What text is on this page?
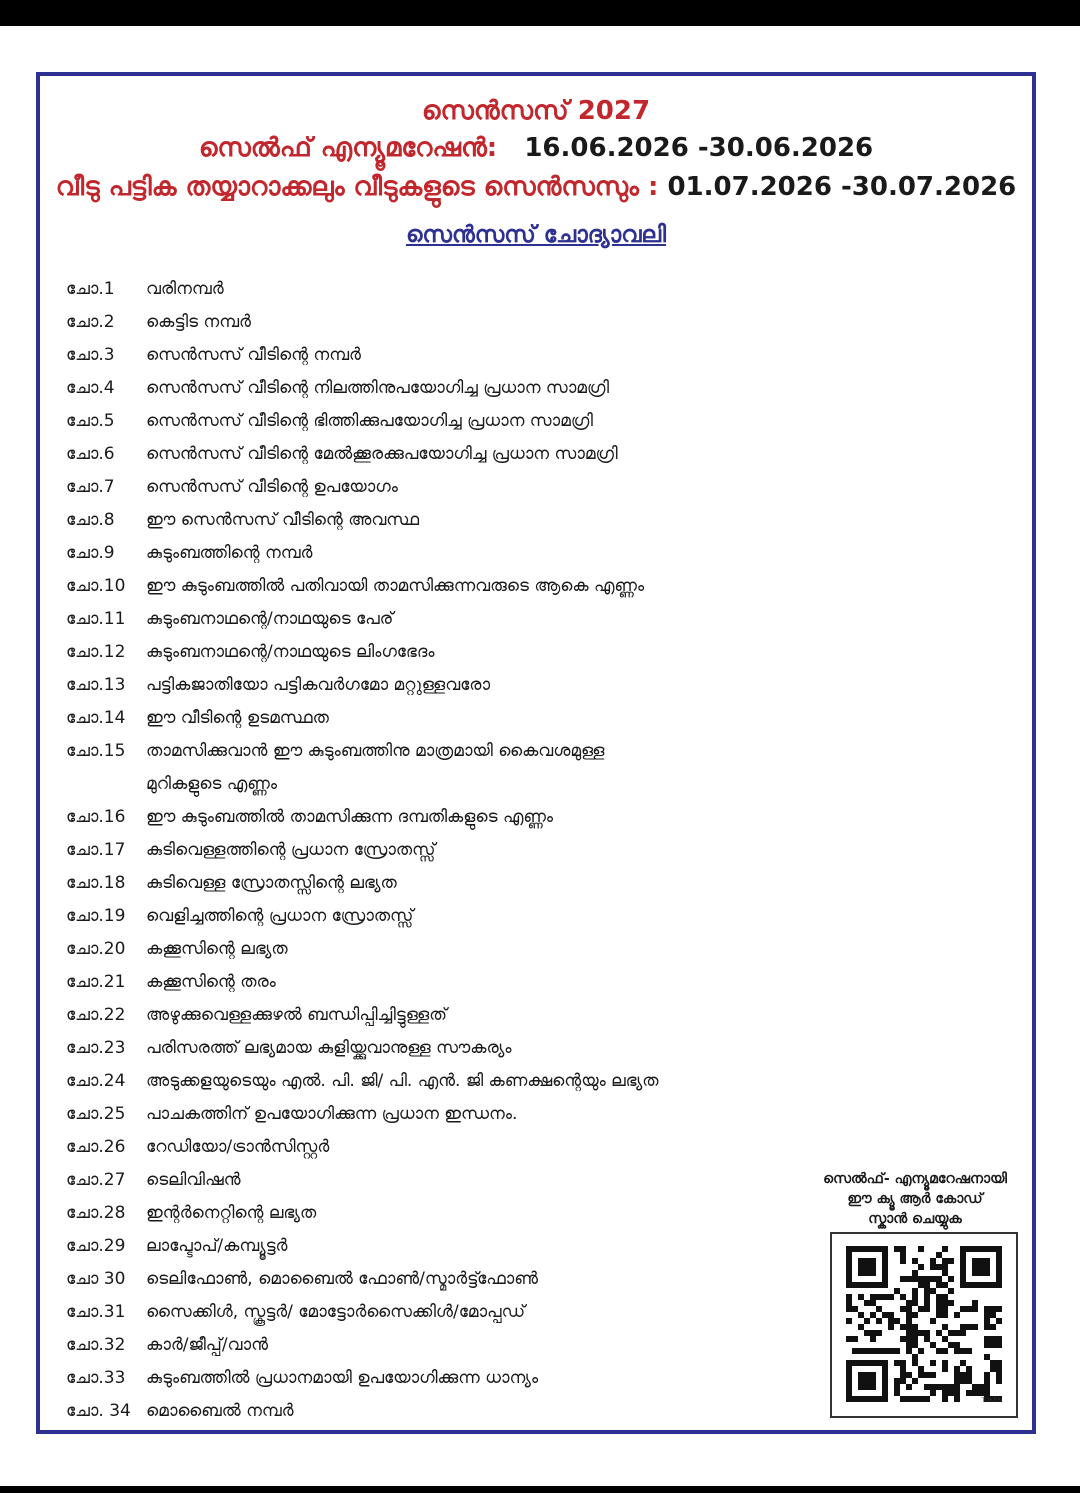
സെൻസസ് 2027
സെൽഫ് എന്യൂമറേഷൻ: 16.06.2026 -30.06.2026
വീടു പട്ടിക തയ്യാറാക്കലും വീടുകളുടെ സെൻസസും : 01.07.2026 -30.07.2026
സെൻസസ് ചോദ്യാവലി
ചോ.1	വരിനമ്പർ
ചോ.2	കെട്ടിട നമ്പർ
ചോ.3	സെൻസസ് വീടിന്റെ നമ്പർ
ചോ.4	സെൻസസ് വീടിന്റെ നിലത്തിനുപയോഗിച്ച പ്രധാന സാമഗ്രി
ചോ.5	സെൻസസ് വീടിന്റെ ഭിത്തിക്കുപയോഗിച്ച പ്രധാന സാമഗ്രി
ചോ.6	സെൻസസ് വീടിന്റെ മേൽക്കൂരക്കുപയോഗിച്ച പ്രധാന സാമഗ്രി
ചോ.7	സെൻസസ് വീടിന്റെ ഉപയോഗം
ചോ.8	ഈ സെൻസസ് വീടിന്റെ അവസ്ഥ
ചോ.9	കുടുംബത്തിന്റെ നമ്പർ
ചോ.10	ഈ കുടുംബത്തിൽ പതിവായി താമസിക്കുന്നവരുടെ ആകെ എണ്ണം
ചോ.11	കുടുംബനാഥന്റെ/നാഥയുടെ പേര്
ചോ.12	കുടുംബനാഥന്റെ/നാഥയുടെ ലിംഗഭേദം
ചോ.13	പട്ടികജാതിയോ പട്ടികവർഗമോ മറ്റുള്ളവരോ
ചോ.14	ഈ വീടിന്റെ ഉടമസ്ഥത
ചോ.15	താമസിക്കുവാൻ ഈ കുടുംബത്തിനു മാത്രമായി കൈവശമുള്ള
മുറികളുടെ എണ്ണം
ചോ.16	ഈ കുടുംബത്തിൽ താമസിക്കുന്ന ദമ്പതികളുടെ എണ്ണം
ചോ.17	കുടിവെള്ളത്തിന്റെ പ്രധാന സ്രോതസ്സ്
ചോ.18	കുടിവെള്ള സ്രോതസ്സിന്റെ ലഭ്യത
ചോ.19	വെളിച്ചത്തിന്റെ പ്രധാന സ്രോതസ്സ്
ചോ.20	കക്കൂസിന്റെ ലഭ്യത
ചോ.21	കക്കൂസിന്റെ തരം
ചോ.22	അഴുക്കുവെള്ളക്കുഴൽ ബന്ധിപ്പിച്ചിട്ടുള്ളത്
ചോ.23	പരിസരത്ത് ലഭ്യമായ കുളിയ്ക്കുവാനുള്ള സൗകര്യം
ചോ.24	അടുക്കളയുടെയും എൽ. പി. ജി/ പി. എൻ. ജി കണക്ഷന്റെയും ലഭ്യത
ചോ.25	പാചകത്തിന് ഉപയോഗിക്കുന്ന പ്രധാന ഇന്ധനം.
ചോ.26	റേഡിയോ/ട്രാൻസിസ്റ്റർ
ചോ.27	ടെലിവിഷൻ
ചോ.28	ഇന്റർനെറ്റിന്റെ ലഭ്യത
ചോ.29	ലാപ്ടോപ്/കമ്പ്യൂട്ടർ
ചോ 30	ടെലിഫോൺ, മൊബൈൽ ഫോൺ/സ്മാർട്ട്ഫോൺ
ചോ.31	സൈക്കിൾ, സ്കൂട്ടർ/ മോട്ടോർസൈക്കിൾ/മോപ്പഡ്
ചോ.32	കാർ/ജീപ്പ്/വാൻ
ചോ.33	കുടുംബത്തിൽ പ്രധാനമായി ഉപയോഗിക്കുന്ന ധാന്യം
ചോ. 34 മൊബൈൽ നമ്പർ
സെൽഫ്- എന്യൂമറേഷനായി
ഈ ക്യൂ ആർ കോഡ്
സ്കാൻ ചെയ്യുക
TOKEN
